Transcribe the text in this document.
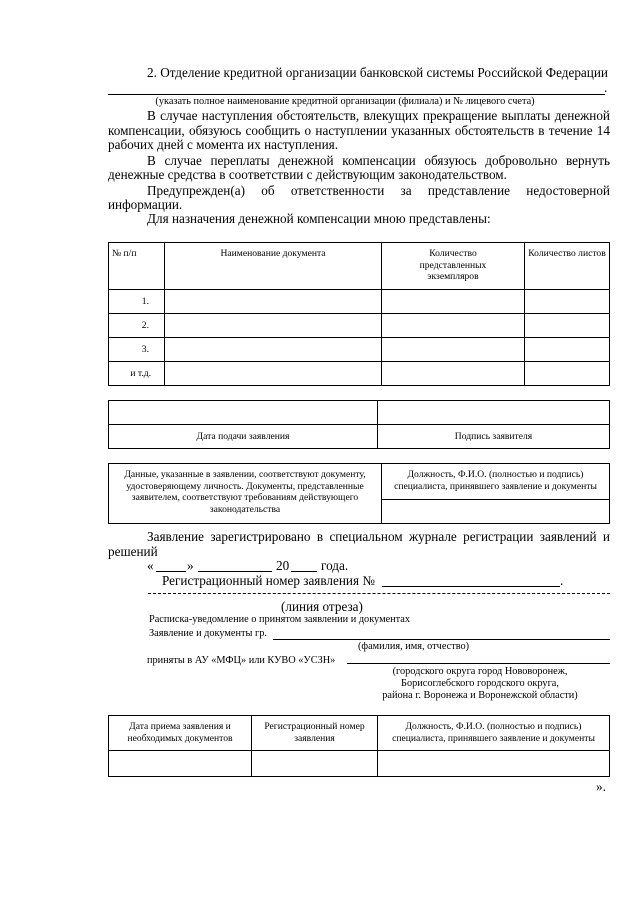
2. Отделение кредитной организации банковской системы Российской Федерации
.
(указать полное наименование кредитной организации (филиала) и № лицевого счета)
В случае наступления обстоятельств, влекущих прекращение выплаты денежной
компенсации, обязуюсь сообщить о наступлении указанных обстоятельств в течение 14
рабочих дней с момента их наступления.
В случае переплаты денежной компенсации обязуюсь добровольно вернуть
денежные средства в соответствии с действующим законодательством.
Предупрежден(а) об ответственности за представление недостоверной
информации.
Для назначения денежной компенсации мною представлены:
№ п/п	Наименование документа	Количество представленных экземпляров	Количество листов
1.			
2.			
3.			
и т.д.			

Дата подачи заявления	Подпись заявителя
Данные, указанные в заявлении, соответствуют документу, удостоверяющему личность. Документы, представленные заявителем, соответствуют требованиям действующего законодательства	Должность, Ф.И.О. (полностью и подпись) специалиста, принявшего заявление и документы

Заявление зарегистрировано в специальном журнале регистрации заявлений и
решений
«	»	20 года.
Регистрационный номер заявления №	.
(линия отреза)
Расписка-уведомление о принятом заявлении и документах
Заявление и документы гр.
(фамилия, имя, отчество)
приняты в АУ «МФЦ» или КУВО «УСЗН»
(городского округа город Нововоронеж,
Борисоглебского городского округа,
района г. Воронежа и Воронежской области)
Дата приема заявления и необходимых документов	Регистрационный номер заявления	Должность, Ф.И.О. (полностью и подпись) специалиста, принявшего заявление и документы

».
